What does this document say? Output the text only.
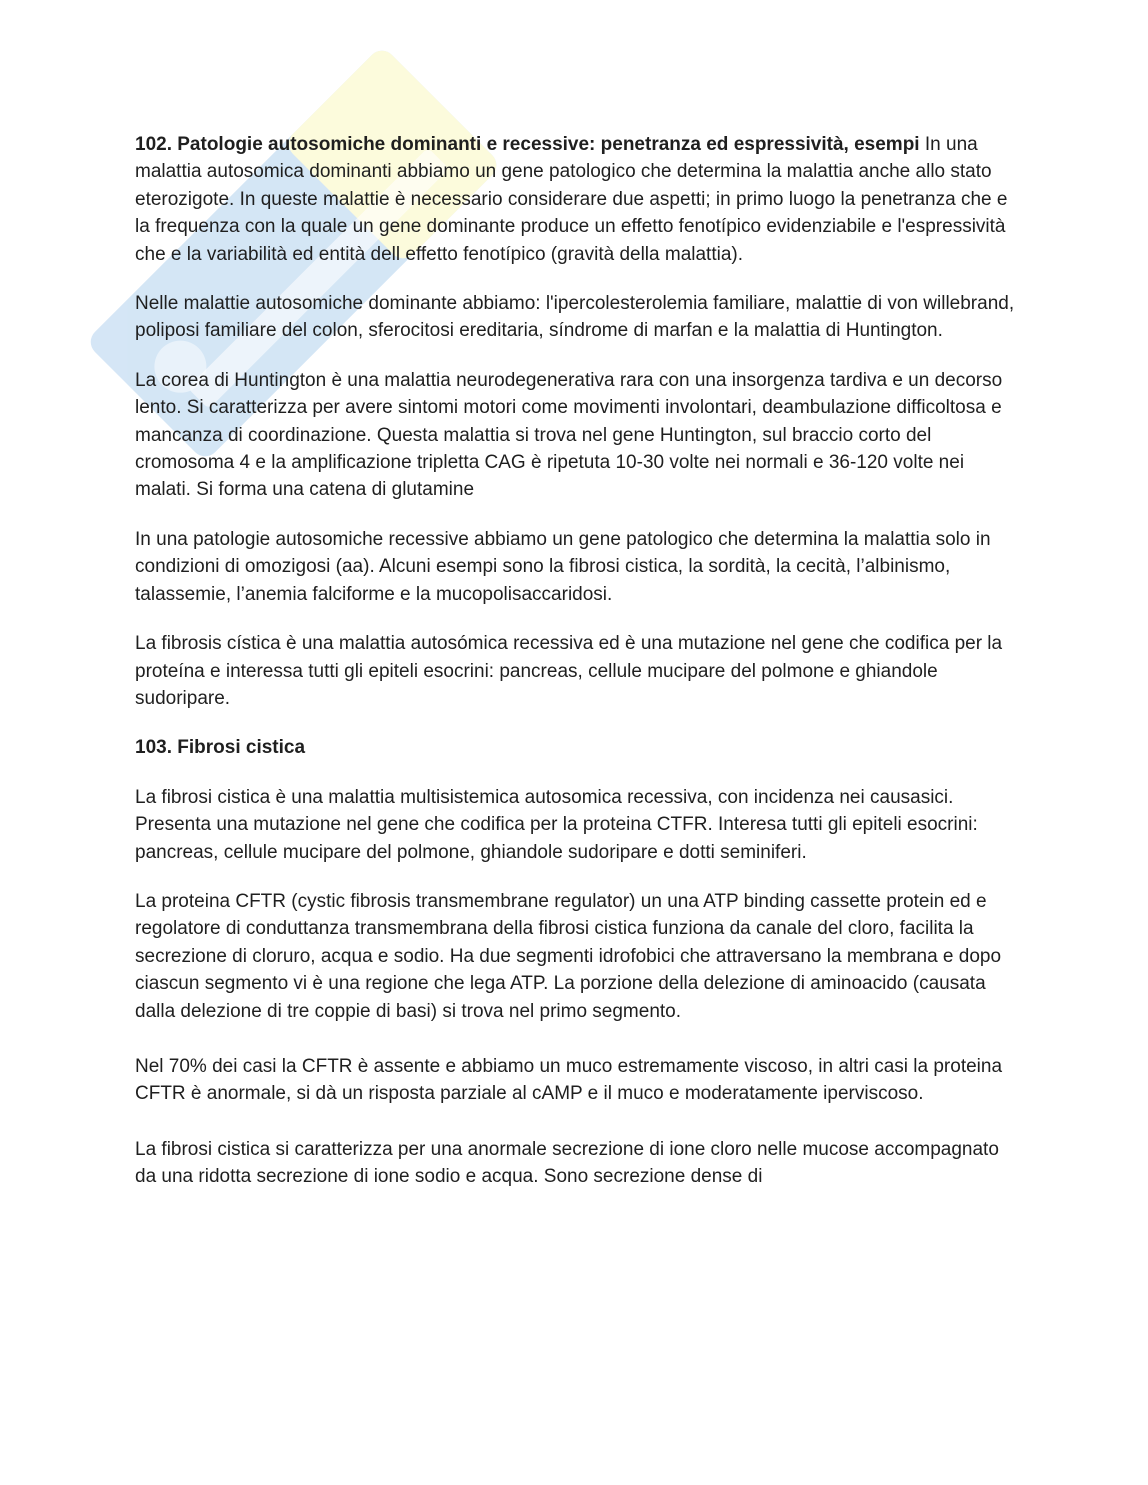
102. Patologie autosomiche dominanti e recessive: penetranza ed espressività, esempi In una malattia autosomica dominanti abbiamo un gene patologico che determina la malattia anche allo stato eterozigote. In queste malattie è necessario considerare due aspetti; in primo luogo la penetranza che e la frequenza con la quale un gene dominante produce un effetto fenotípico evidenziabile e l'espressività che e la variabilità ed entità dell effetto fenotípico (gravità della malattia).

Nelle malattie autosomiche dominante abbiamo: l'ipercolesterolemia familiare, malattie di von willebrand, poliposi familiare del colon, sferocitosi ereditaria, síndrome di marfan e la malattia di Huntington.

La corea di Huntington è una malattia neurodegenerativa rara con una insorgenza tardiva e un decorso lento. Si caratterizza per avere sintomi motori come movimenti involontari, deambulazione difficoltosa e mancanza di coordinazione. Questa malattia si trova nel gene Huntington, sul braccio corto del cromosoma 4 e la amplificazione tripletta CAG è ripetuta 10-30 volte nei normali e 36-120 volte nei malati. Si forma una catena di glutamine

In una patologie autosomiche recessive abbiamo un gene patologico che determina la malattia solo in condizioni di omozigosi (aa). Alcuni esempi sono la fibrosi cistica, la sordità, la cecità, l’albinismo, talassemie, l’anemia falciforme e la mucopolisaccaridosi.

La fibrosis cística è una malattia autosómica recessiva ed è una mutazione nel gene che codifica per la proteína e interessa tutti gli epiteli esocrini: pancreas, cellule mucipare del polmone e ghiandole sudoripare.

103. Fibrosi cistica

La fibrosi cistica è una malattia multisistemica autosomica recessiva, con incidenza nei causasici. Presenta una mutazione nel gene che codifica per la proteina CTFR. Interesa tutti gli epiteli esocrini: pancreas, cellule mucipare del polmone, ghiandole sudoripare e dotti seminiferi.

La proteina CFTR (cystic fibrosis transmembrane regulator) un una ATP binding cassette protein ed e regolatore di conduttanza transmembrana della fibrosi cistica funziona da canale del cloro, facilita la secrezione di cloruro, acqua e sodio. Ha due segmenti idrofobici che attraversano la membrana e dopo ciascun segmento vi è una regione che lega ATP. La porzione della delezione di aminoacido (causata dalla delezione di tre coppie di basi) si trova nel primo segmento.

Nel 70% dei casi la CFTR è assente e abbiamo un muco estremamente viscoso, in altri casi la proteina CFTR è anormale, si dà un risposta parziale al cAMP e il muco e moderatamente iperviscoso.

La fibrosi cistica si caratterizza per una anormale secrezione di ione cloro nelle mucose accompagnato da una ridotta secrezione di ione sodio e acqua. Sono secrezione dense di
